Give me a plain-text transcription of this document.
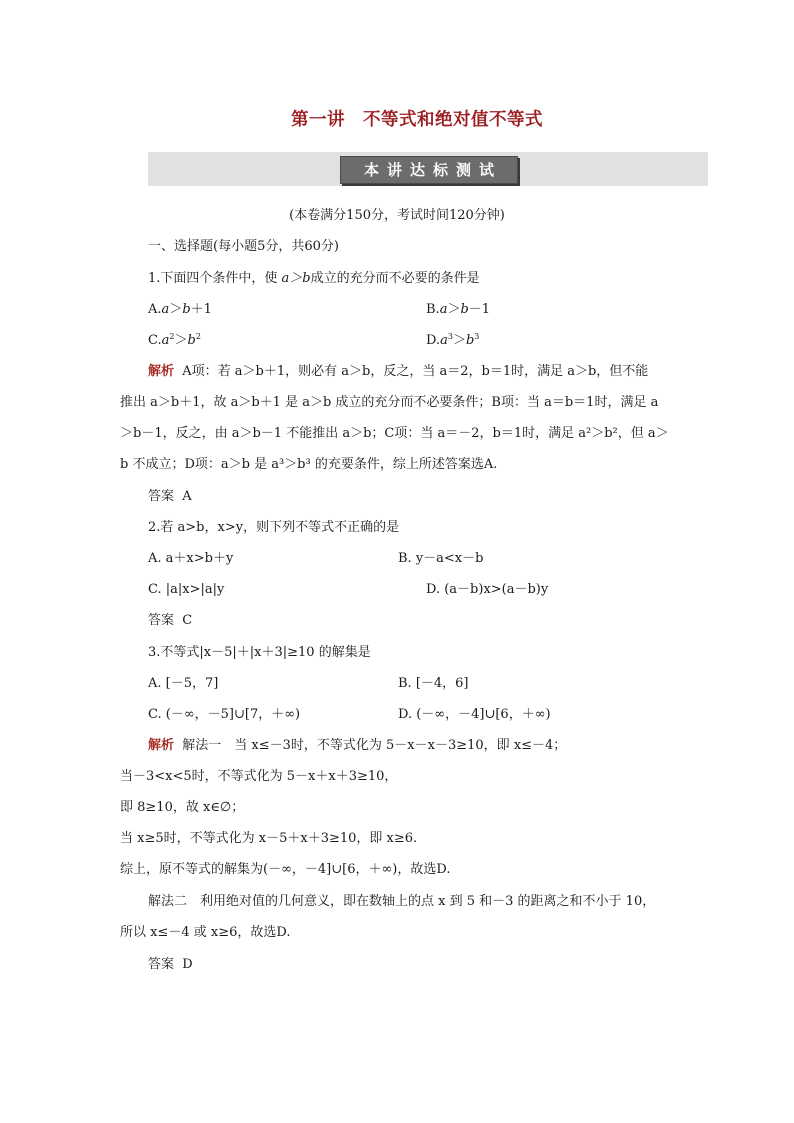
第一讲　不等式和绝对值不等式
本讲达标测试
(本卷满分150分，考试时间120分钟)
一、选择题(每小题5分，共60分)
1.下面四个条件中，使 a＞b成立的充分而不必要的条件是
A.a＞b＋1	B.a＞b－1
$C.a^2>b^2$	$D.a^3>b^3$
解析 A项：若 a＞b＋1，则必有 a＞b，反之，当 a＝2，b＝1时，满足 a＞b，但不能
推出 a＞b＋1，故 a＞b＋1 是 a＞b 成立的充分而不必要条件；B项：当 a＝b＝1时，满足 a
＞b－1，反之，由 a＞b－1 不能推出 a＞b；C项：当 a＝－2，b＝1时，满足 a²＞b²，但 a＞
b 不成立；D项：a＞b 是 a³＞b³ 的充要条件，综上所述答案选A.
答案 A
2.若 a>b，x>y，则下列不等式不正确的是
A. a＋x>b＋y	B. y－a<x－b
C. |a|x>|a|y	D. (a－b)x>(a－b)y
答案 C
3.不等式|x－5|＋|x＋3|≥10 的解集是
A. [－5，7]	B. [－4，6]
C. (－∞，－5]∪[7，＋∞)	D. (－∞，－4]∪[6，＋∞)
解析 解法一　当 x≤－3时，不等式化为 5－x－x－3≥10，即 x≤－4；
当－3<x<5时，不等式化为 5－x＋x＋3≥10，
即 8≥10，故 x∈∅；
当 x≥5时，不等式化为 x－5＋x＋3≥10，即 x≥6.
综上，原不等式的解集为(－∞，－4]∪[6，＋∞)，故选D.
解法二　利用绝对值的几何意义，即在数轴上的点 x 到 5 和－3 的距离之和不小于 10，
所以 x≤－4 或 x≥6，故选D.
答案 D
